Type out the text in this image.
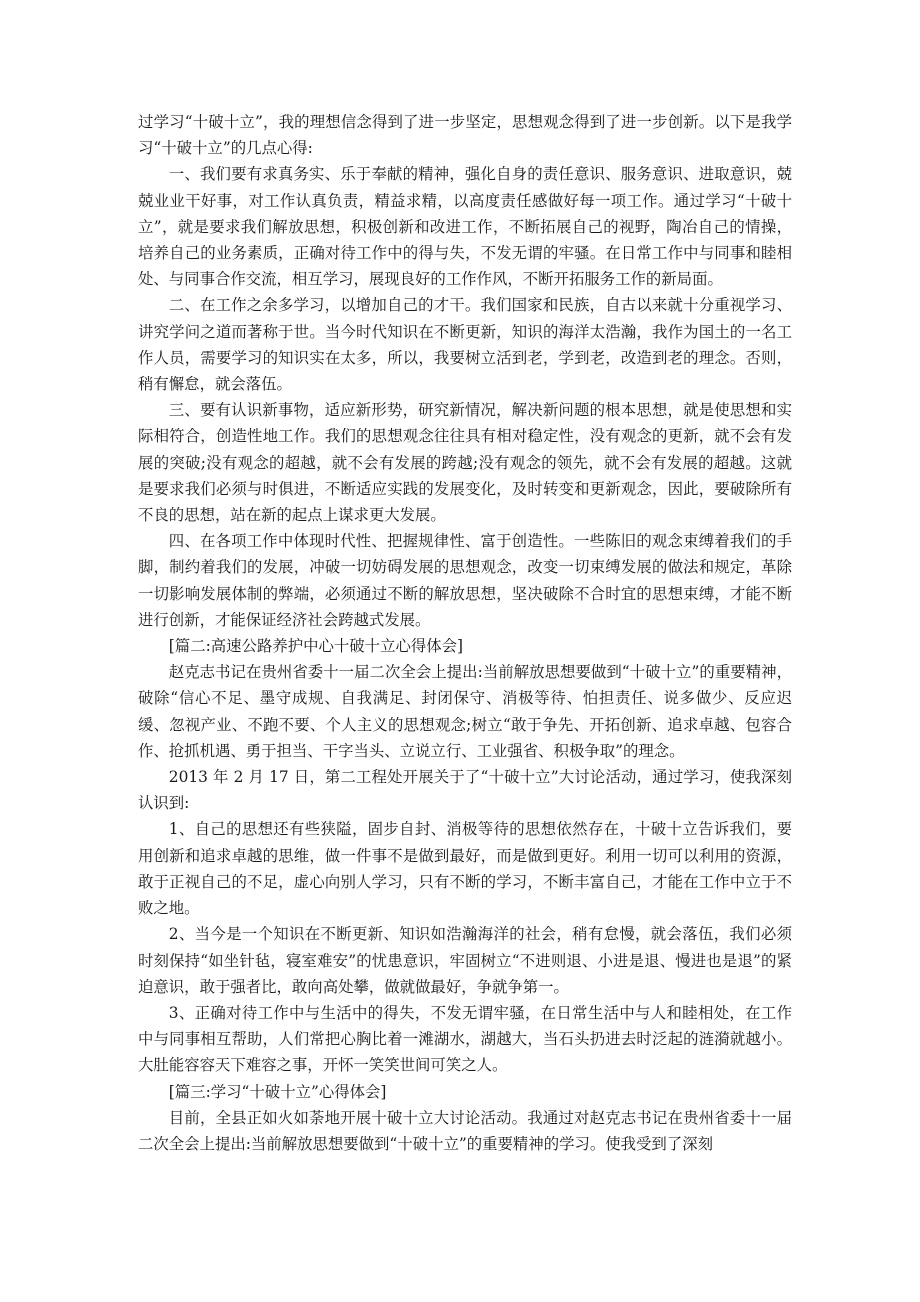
过学习“十破十立”，我的理想信念得到了进一步坚定，思想观念得到了进一步创新。以下是我学习“十破十立”的几点心得:

一、我们要有求真务实、乐于奉献的精神，强化自身的责任意识、服务意识、进取意识，兢兢业业干好事，对工作认真负责，精益求精，以高度责任感做好每一项工作。通过学习“十破十立”，就是要求我们解放思想，积极创新和改进工作，不断拓展自己的视野，陶冶自己的情操，培养自己的业务素质，正确对待工作中的得与失，不发无谓的牢骚。在日常工作中与同事和睦相处、与同事合作交流，相互学习，展现良好的工作作风，不断开拓服务工作的新局面。

二、在工作之余多学习，以增加自己的才干。我们国家和民族，自古以来就十分重视学习、讲究学问之道而著称于世。当今时代知识在不断更新，知识的海洋太浩瀚，我作为国土的一名工作人员，需要学习的知识实在太多，所以，我要树立活到老，学到老，改造到老的理念。否则，稍有懈怠，就会落伍。

三、要有认识新事物，适应新形势，研究新情况，解决新问题的根本思想，就是使思想和实际相符合，创造性地工作。我们的思想观念往往具有相对稳定性，没有观念的更新，就不会有发展的突破;没有观念的超越，就不会有发展的跨越;没有观念的领先，就不会有发展的超越。这就是要求我们必须与时俱进，不断适应实践的发展变化，及时转变和更新观念，因此，要破除所有不良的思想，站在新的起点上谋求更大发展。

四、在各项工作中体现时代性、把握规律性、富于创造性。一些陈旧的观念束缚着我们的手脚，制约着我们的发展，冲破一切妨碍发展的思想观念，改变一切束缚发展的做法和规定，革除一切影响发展体制的弊端，必须通过不断的解放思想，坚决破除不合时宜的思想束缚，才能不断进行创新，才能保证经济社会跨越式发展。

[篇二:高速公路养护中心十破十立心得体会]

赵克志书记在贵州省委十一届二次全会上提出:当前解放思想要做到“十破十立”的重要精神，破除“信心不足、墨守成规、自我满足、封闭保守、消极等待、怕担责任、说多做少、反应迟缓、忽视产业、不跑不要、个人主义的思想观念;树立“敢于争先、开拓创新、追求卓越、包容合作、抢抓机遇、勇于担当、干字当头、立说立行、工业强省、积极争取”的理念。

2013 年 2 月 17 日，第二工程处开展关于了“十破十立”大讨论活动，通过学习，使我深刻认识到:

1、自己的思想还有些狭隘，固步自封、消极等待的思想依然存在，十破十立告诉我们，要用创新和追求卓越的思维，做一件事不是做到最好，而是做到更好。利用一切可以利用的资源，敢于正视自己的不足，虚心向别人学习，只有不断的学习，不断丰富自己，才能在工作中立于不败之地。

2、当今是一个知识在不断更新、知识如浩瀚海洋的社会，稍有怠慢，就会落伍，我们必须时刻保持“如坐针毡，寝室难安”的忧患意识，牢固树立“不进则退、小进是退、慢进也是退”的紧迫意识，敢于强者比，敢向高处攀，做就做最好，争就争第一。

3、正确对待工作中与生活中的得失，不发无谓牢骚，在日常生活中与人和睦相处，在工作中与同事相互帮助，人们常把心胸比着一滩湖水，湖越大，当石头扔进去时泛起的涟漪就越小。大肚能容容天下难容之事，开怀一笑笑世间可笑之人。

[篇三:学习“十破十立”心得体会]

目前，全县正如火如荼地开展十破十立大讨论活动。我通过对赵克志书记在贵州省委十一届二次全会上提出:当前解放思想要做到“十破十立”的重要精神的学习。使我受到了深刻
